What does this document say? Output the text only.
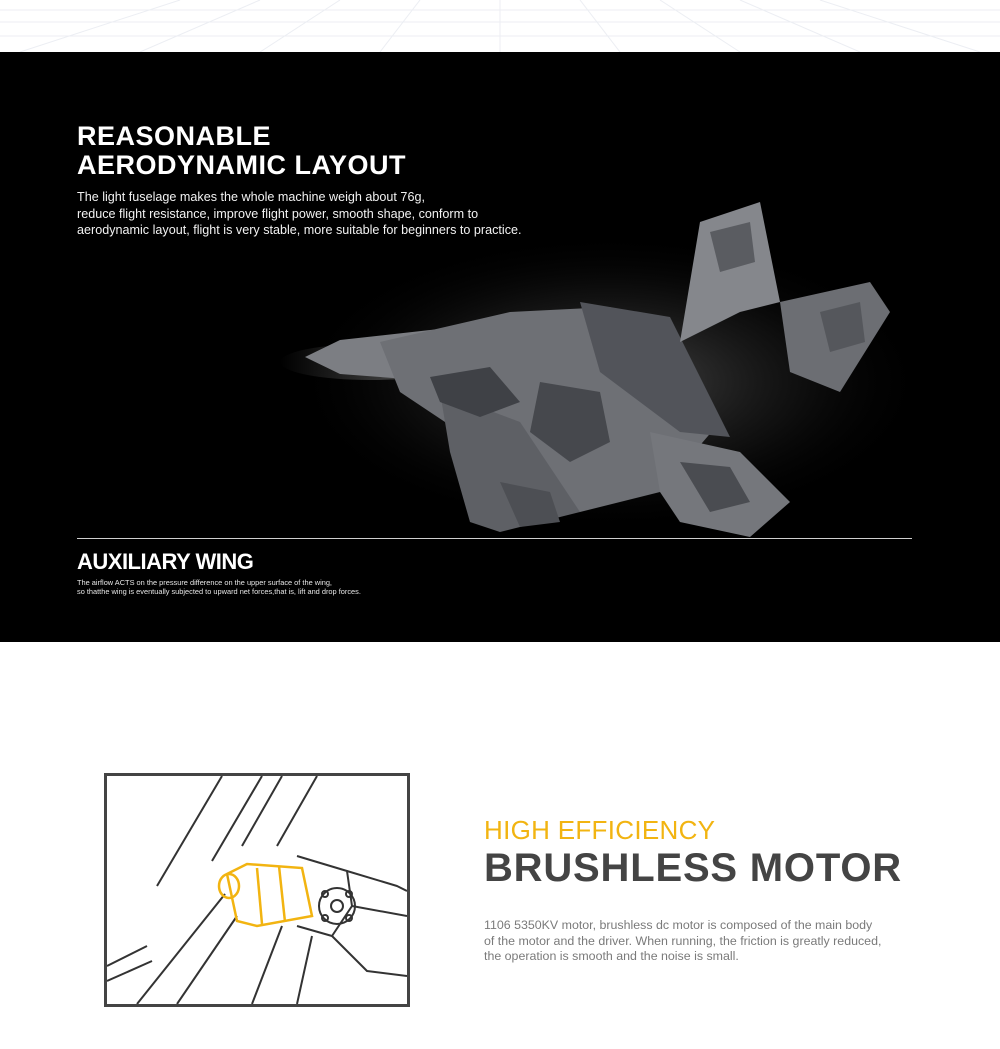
REASONABLE
AERODYNAMIC LAYOUT

The light fuselage makes the whole machine weigh about 76g,
reduce flight resistance, improve flight power, smooth shape, conform to
aerodynamic layout, flight is very stable, more suitable for beginners to practice.

AUXILIARY WING

The airflow ACTS on the pressure difference on the upper surface of the wing,
so thatthe wing is eventually subjected to upward net forces,that is, lift and drop forces.

HIGH EFFICIENCY
BRUSHLESS MOTOR

1106 5350KV motor, brushless dc motor is composed of the main body
of the motor and the driver. When running, the friction is greatly reduced,
the operation is smooth and the noise is small.
